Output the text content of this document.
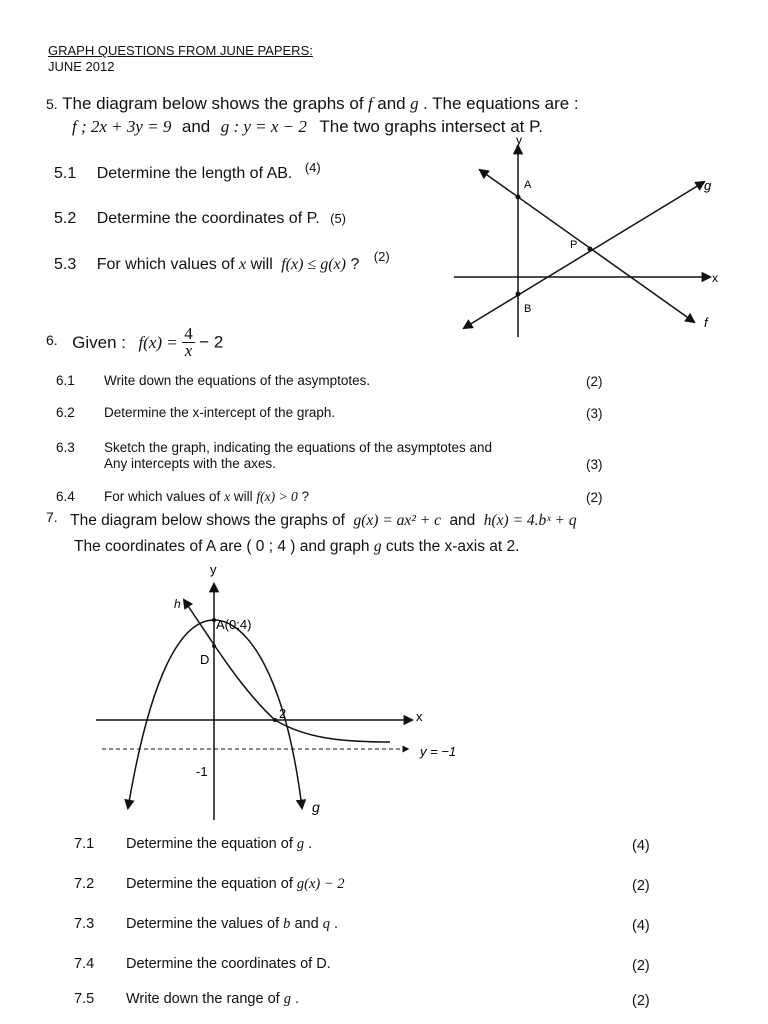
GRAPH QUESTIONS FROM JUNE PAPERS:
JUNE 2012
5. The diagram below shows the graphs of f and g . The equations are :
f ; 2x + 3y = 9 and g : y = x − 2 The two graphs intersect at P.
5.1 Determine the length of AB. $^{(4)}$
5.2 Determine the coordinates of P. (5)
5.3 For which values of x will f(x) ≤ g(x) ? $^{(2)}$
y
x
A
B
P
f
g
6. Given : $f(x) = \frac{4}{x} - 2$
6.1 Write down the equations of the asymptotes.	(2)
6.2 Determine the x-intercept of the graph.	(3)
6.3 Sketch the graph, indicating the equations of the asymptotes and
Any intercepts with the axes.	(3)
6.4 For which values of x will f(x) > 0 ?	(2)
7. The diagram below shows the graphs of g(x) = ax² + c and h(x) = 4.bˣ + q
The coordinates of A are ( 0 ; 4 ) and graph g cuts the x-axis at 2.
y
x
y = −1
h
A(0;4)
D
2
-1
g
7.1 Determine the equation of g .	(4)
7.2 Determine the equation of g(x) − 2	(2)
7.3 Determine the values of b and q .	(4)
7.4 Determine the coordinates of D.	(2)
7.5 Write down the range of g .	(2)
